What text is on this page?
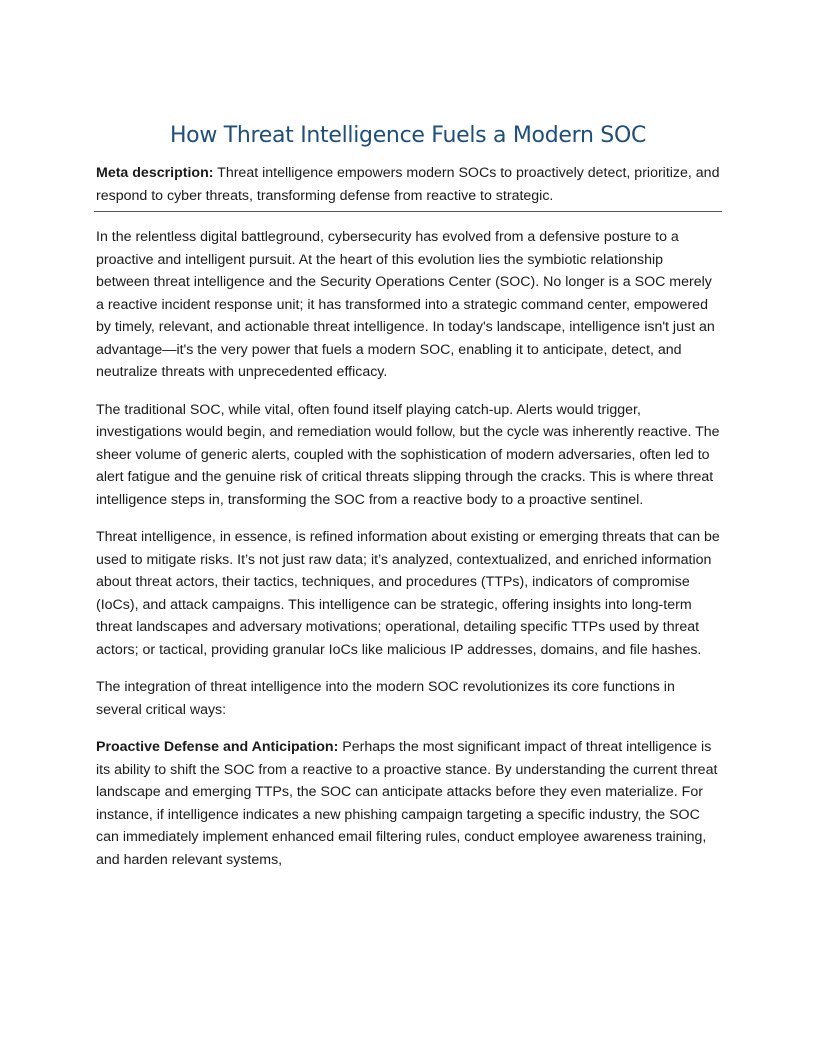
How Threat Intelligence Fuels a Modern SOC

Meta description: Threat intelligence empowers modern SOCs to proactively detect, prioritize, and respond to cyber threats, transforming defense from reactive to strategic.

In the relentless digital battleground, cybersecurity has evolved from a defensive posture to a proactive and intelligent pursuit. At the heart of this evolution lies the symbiotic relationship between threat intelligence and the Security Operations Center (SOC). No longer is a SOC merely a reactive incident response unit; it has transformed into a strategic command center, empowered by timely, relevant, and actionable threat intelligence. In today's landscape, intelligence isn't just an advantage—it's the very power that fuels a modern SOC, enabling it to anticipate, detect, and neutralize threats with unprecedented efficacy.

The traditional SOC, while vital, often found itself playing catch-up. Alerts would trigger, investigations would begin, and remediation would follow, but the cycle was inherently reactive. The sheer volume of generic alerts, coupled with the sophistication of modern adversaries, often led to alert fatigue and the genuine risk of critical threats slipping through the cracks. This is where threat intelligence steps in, transforming the SOC from a reactive body to a proactive sentinel.

Threat intelligence, in essence, is refined information about existing or emerging threats that can be used to mitigate risks. It’s not just raw data; it’s analyzed, contextualized, and enriched information about threat actors, their tactics, techniques, and procedures (TTPs), indicators of compromise (IoCs), and attack campaigns. This intelligence can be strategic, offering insights into long-term threat landscapes and adversary motivations; operational, detailing specific TTPs used by threat actors; or tactical, providing granular IoCs like malicious IP addresses, domains, and file hashes.

The integration of threat intelligence into the modern SOC revolutionizes its core functions in several critical ways:

Proactive Defense and Anticipation: Perhaps the most significant impact of threat intelligence is its ability to shift the SOC from a reactive to a proactive stance. By understanding the current threat landscape and emerging TTPs, the SOC can anticipate attacks before they even materialize. For instance, if intelligence indicates a new phishing campaign targeting a specific industry, the SOC can immediately implement enhanced email filtering rules, conduct employee awareness training, and harden relevant systems,
